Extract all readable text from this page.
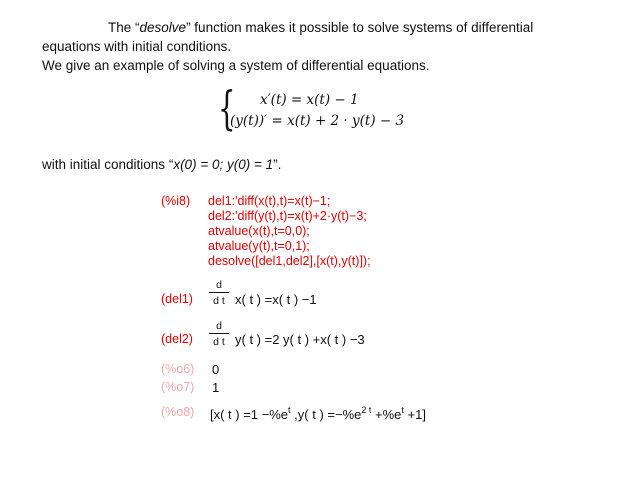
The “desolve” function makes it possible to solve systems of differential
equations with initial conditions.
We give an example of solving a system of differential equations.
{ x′(t) = x(t) − 1
(y(t))′ = x(t) + 2 · y(t) − 3
with initial conditions “x(0) = 0; y(0) = 1”.
(%i8) del1:'diff(x(t),t)=x(t)−1;
del2:'diff(y(t),t)=x(t)+2·y(t)−3;
atvalue(x(t),t=0,0);
atvalue(y(t),t=0,1);
desolve([del1,del2],[x(t),y(t)]);
(del1)
d
d t x( t ) =x( t ) −1
(del2)
d
d t y( t ) =2 y( t ) +x( t ) −3
(%o6) 0
(%o7) 1
(%o8) [x( t ) $=1 -\%e^t$ ,y( t ) $=-\%e^{2 t} +\%e^t +1$]
